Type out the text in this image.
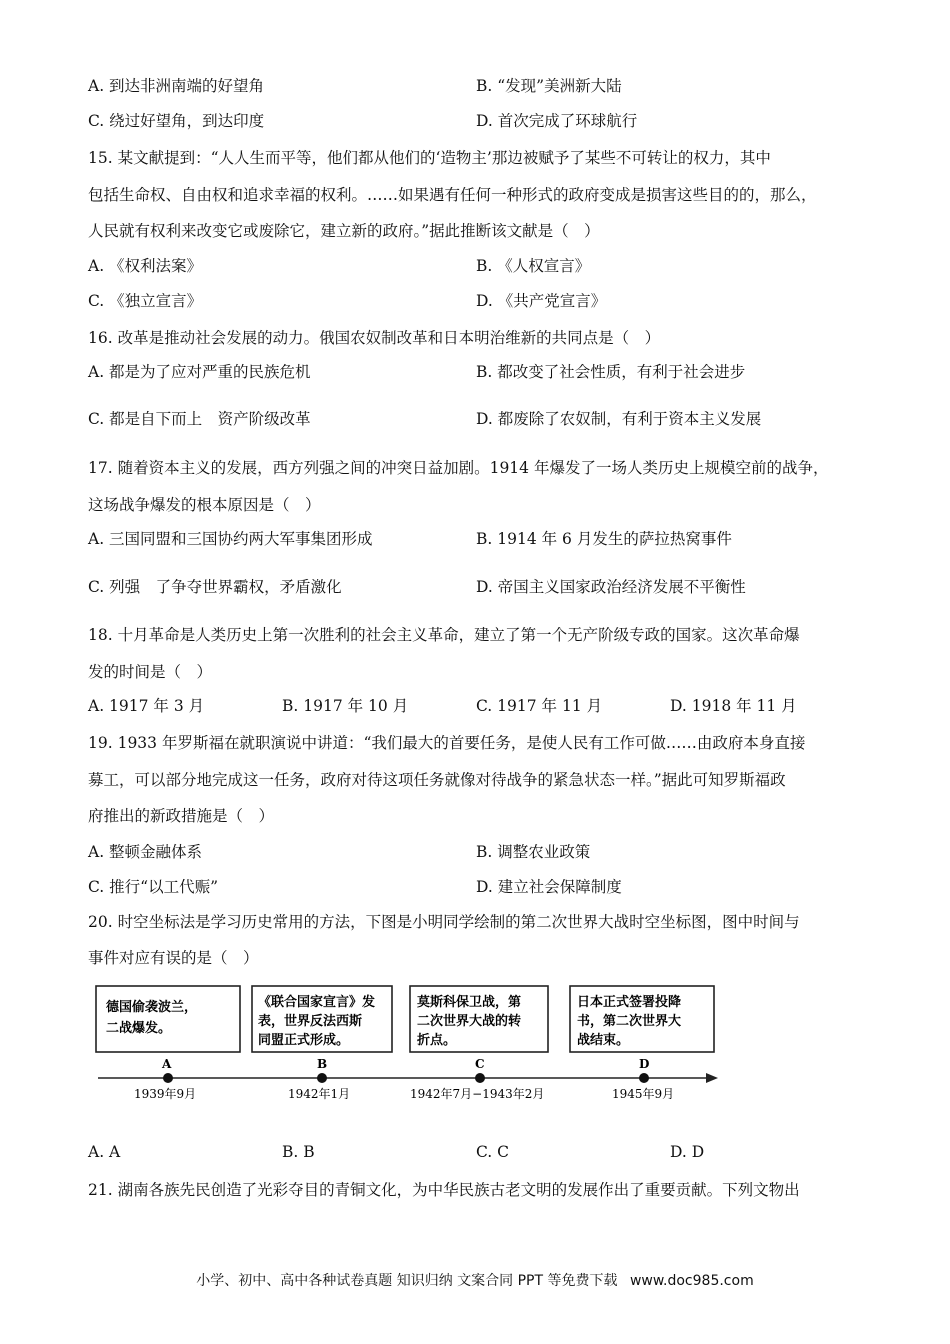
A. 到达非洲南端的好望角	B. “发现”美洲新大陆
C. 绕过好望角，到达印度	D. 首次完成了环球航行
15. 某文献提到：“人人生而平等，他们都从他们的‘造物主’那边被赋予了某些不可转让的权力，其中
包括生命权、自由权和追求幸福的权利。……如果遇有任何一种形式的政府变成是损害这些目的的，那么，
人民就有权利来改变它或废除它，建立新的政府。”据此推断该文献是（　）
A. 《权利法案》	B. 《人权宣言》
C. 《独立宣言》	D. 《共产党宣言》
16. 改革是推动社会发展的动力。俄国农奴制改革和日本明治维新的共同点是（　）
A. 都是为了应对严重的民族危机	B. 都改变了社会性质，有利于社会进步
C. 都是自下而上　资产阶级改革	D. 都废除了农奴制，有利于资本主义发展
17. 随着资本主义的发展，西方列强之间的冲突日益加剧。1914 年爆发了一场人类历史上规模空前的战争，
这场战争爆发的根本原因是（　）
A. 三国同盟和三国协约两大军事集团形成	B. 1914 年 6 月发生的萨拉热窝事件
C. 列强　了争夺世界霸权，矛盾激化	D. 帝国主义国家政治经济发展不平衡性
18. 十月革命是人类历史上第一次胜利的社会主义革命，建立了第一个无产阶级专政的国家。这次革命爆
发的时间是（　）
A. 1917 年 3 月	B. 1917 年 10 月	C. 1917 年 11 月	D. 1918 年 11 月
19. 1933 年罗斯福在就职演说中讲道：“我们最大的首要任务，是使人民有工作可做……由政府本身直接
募工，可以部分地完成这一任务，政府对待这项任务就像对待战争的紧急状态一样。”据此可知罗斯福政
府推出的新政措施是（　）
A. 整顿金融体系	B. 调整农业政策
C. 推行“以工代赈”	D. 建立社会保障制度
20. 时空坐标法是学习历史常用的方法，下图是小明同学绘制的第二次世界大战时空坐标图，图中时间与
事件对应有误的是（　）
德国偷袭波兰，
二战爆发。
《联合国家宣言》发
表，世界反法西斯
同盟正式形成。
莫斯科保卫战，第
二次世界大战的转
折点。
日本正式签署投降
书，第二次世界大
战结束。
A	B	C	D
1939年9月	1942年1月	1942年7月−1943年2月	1945年9月
A. A	B. B	C. C	D. D
21. 湖南各族先民创造了光彩夺目的青铜文化，为中华民族古老文明的发展作出了重要贡献。下列文物出
小学、初中、高中各种试卷真题 知识归纳 文案合同 PPT 等免费下载 www.doc985.com
